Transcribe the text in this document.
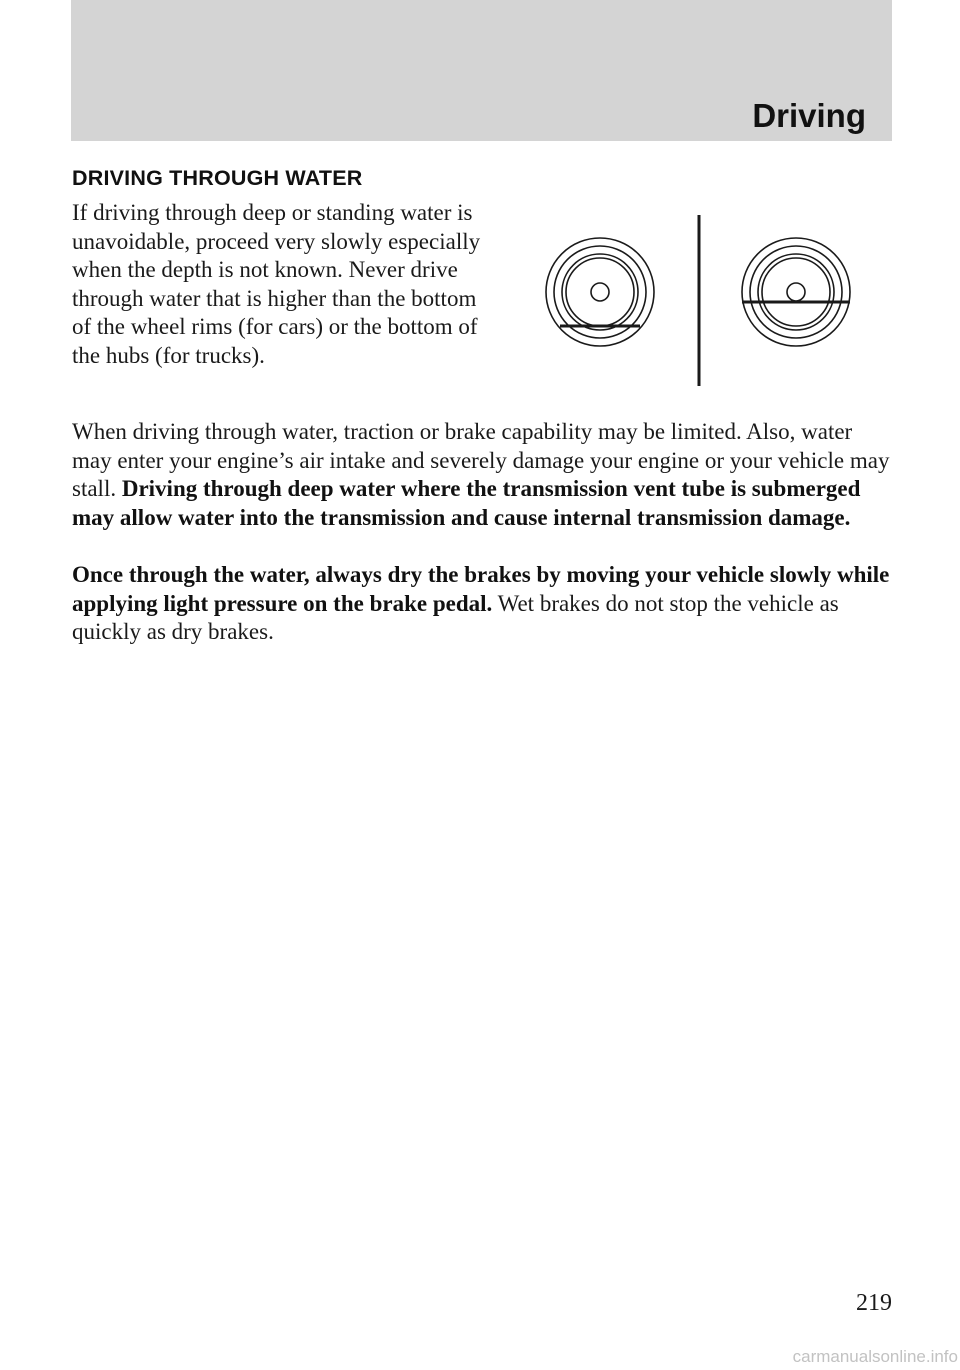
Driving
DRIVING THROUGH WATER

If driving through deep or standing water is unavoidable, proceed very slowly especially when the depth is not known. Never drive through water that is higher than the bottom of the wheel rims (for cars) or the bottom of the hubs (for trucks).

When driving through water, traction or brake capability may be limited. Also, water may enter your engine’s air intake and severely damage your engine or your vehicle may stall. Driving through deep water where the transmission vent tube is submerged may allow water into the transmission and cause internal transmission damage.

Once through the water, always dry the brakes by moving your vehicle slowly while applying light pressure on the brake pedal. Wet brakes do not stop the vehicle as quickly as dry brakes.

219

carmanualsonline.info
